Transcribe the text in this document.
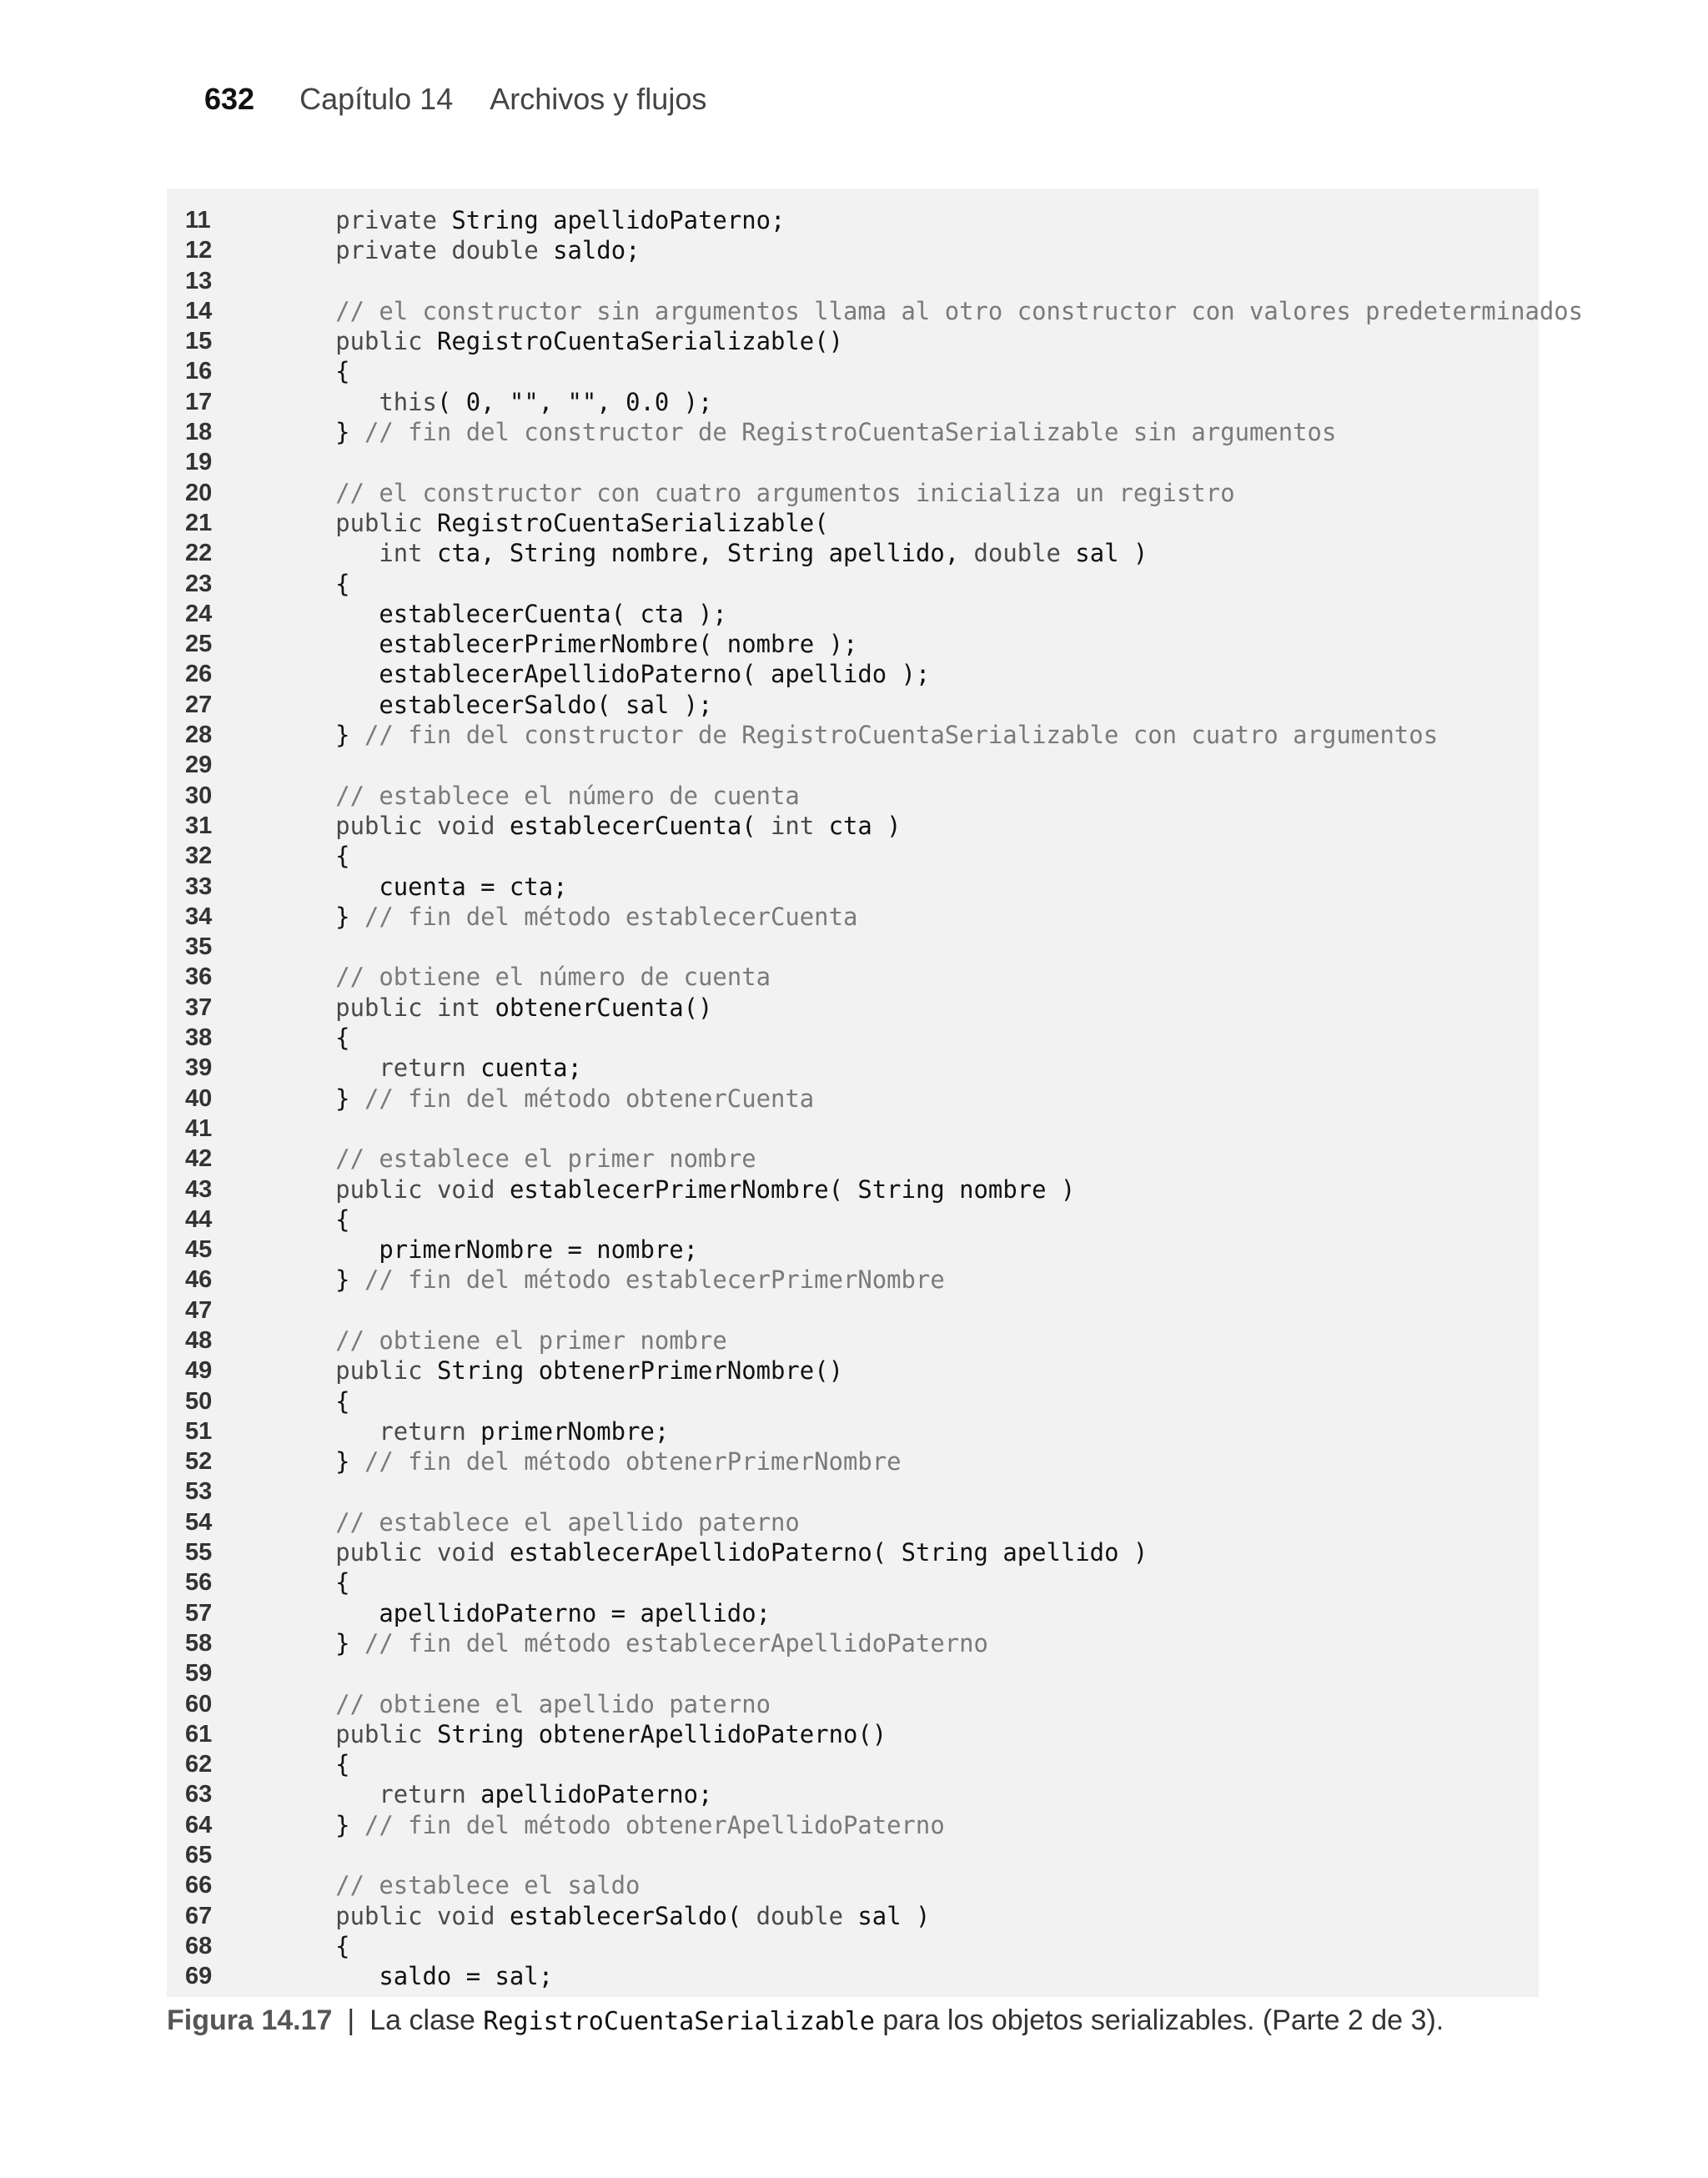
632 Capítulo 14 Archivos y flujos
11	private String apellidoPaterno;
12	private double saldo;
13
14	// el constructor sin argumentos llama al otro constructor con valores predeterminados
15	public RegistroCuentaSerializable()
16	{
17	this( 0, "", "", 0.0 );
18	} // fin del constructor de RegistroCuentaSerializable sin argumentos
19
20	// el constructor con cuatro argumentos inicializa un registro
21	public RegistroCuentaSerializable(
22	int cta, String nombre, String apellido, double sal )
23	{
24	establecerCuenta( cta );
25	establecerPrimerNombre( nombre );
26	establecerApellidoPaterno( apellido );
27	establecerSaldo( sal );
28	} // fin del constructor de RegistroCuentaSerializable con cuatro argumentos
29
30	// establece el número de cuenta
31	public void establecerCuenta( int cta )
32	{
33	cuenta = cta;
34	} // fin del método establecerCuenta
35
36	// obtiene el número de cuenta
37	public int obtenerCuenta()
38	{
39	return cuenta;
40	} // fin del método obtenerCuenta
41
42	// establece el primer nombre
43	public void establecerPrimerNombre( String nombre )
44	{
45	primerNombre = nombre;
46	} // fin del método establecerPrimerNombre
47
48	// obtiene el primer nombre
49	public String obtenerPrimerNombre()
50	{
51	return primerNombre;
52	} // fin del método obtenerPrimerNombre
53
54	// establece el apellido paterno
55	public void establecerApellidoPaterno( String apellido )
56	{
57	apellidoPaterno = apellido;
58	} // fin del método establecerApellidoPaterno
59
60	// obtiene el apellido paterno
61	public String obtenerApellidoPaterno()
62	{
63	return apellidoPaterno;
64	} // fin del método obtenerApellidoPaterno
65
66	// establece el saldo
67	public void establecerSaldo( double sal )
68	{
69	saldo = sal;
Figura 14.17 | La clase RegistroCuentaSerializable para los objetos serializables. (Parte 2 de 3).
